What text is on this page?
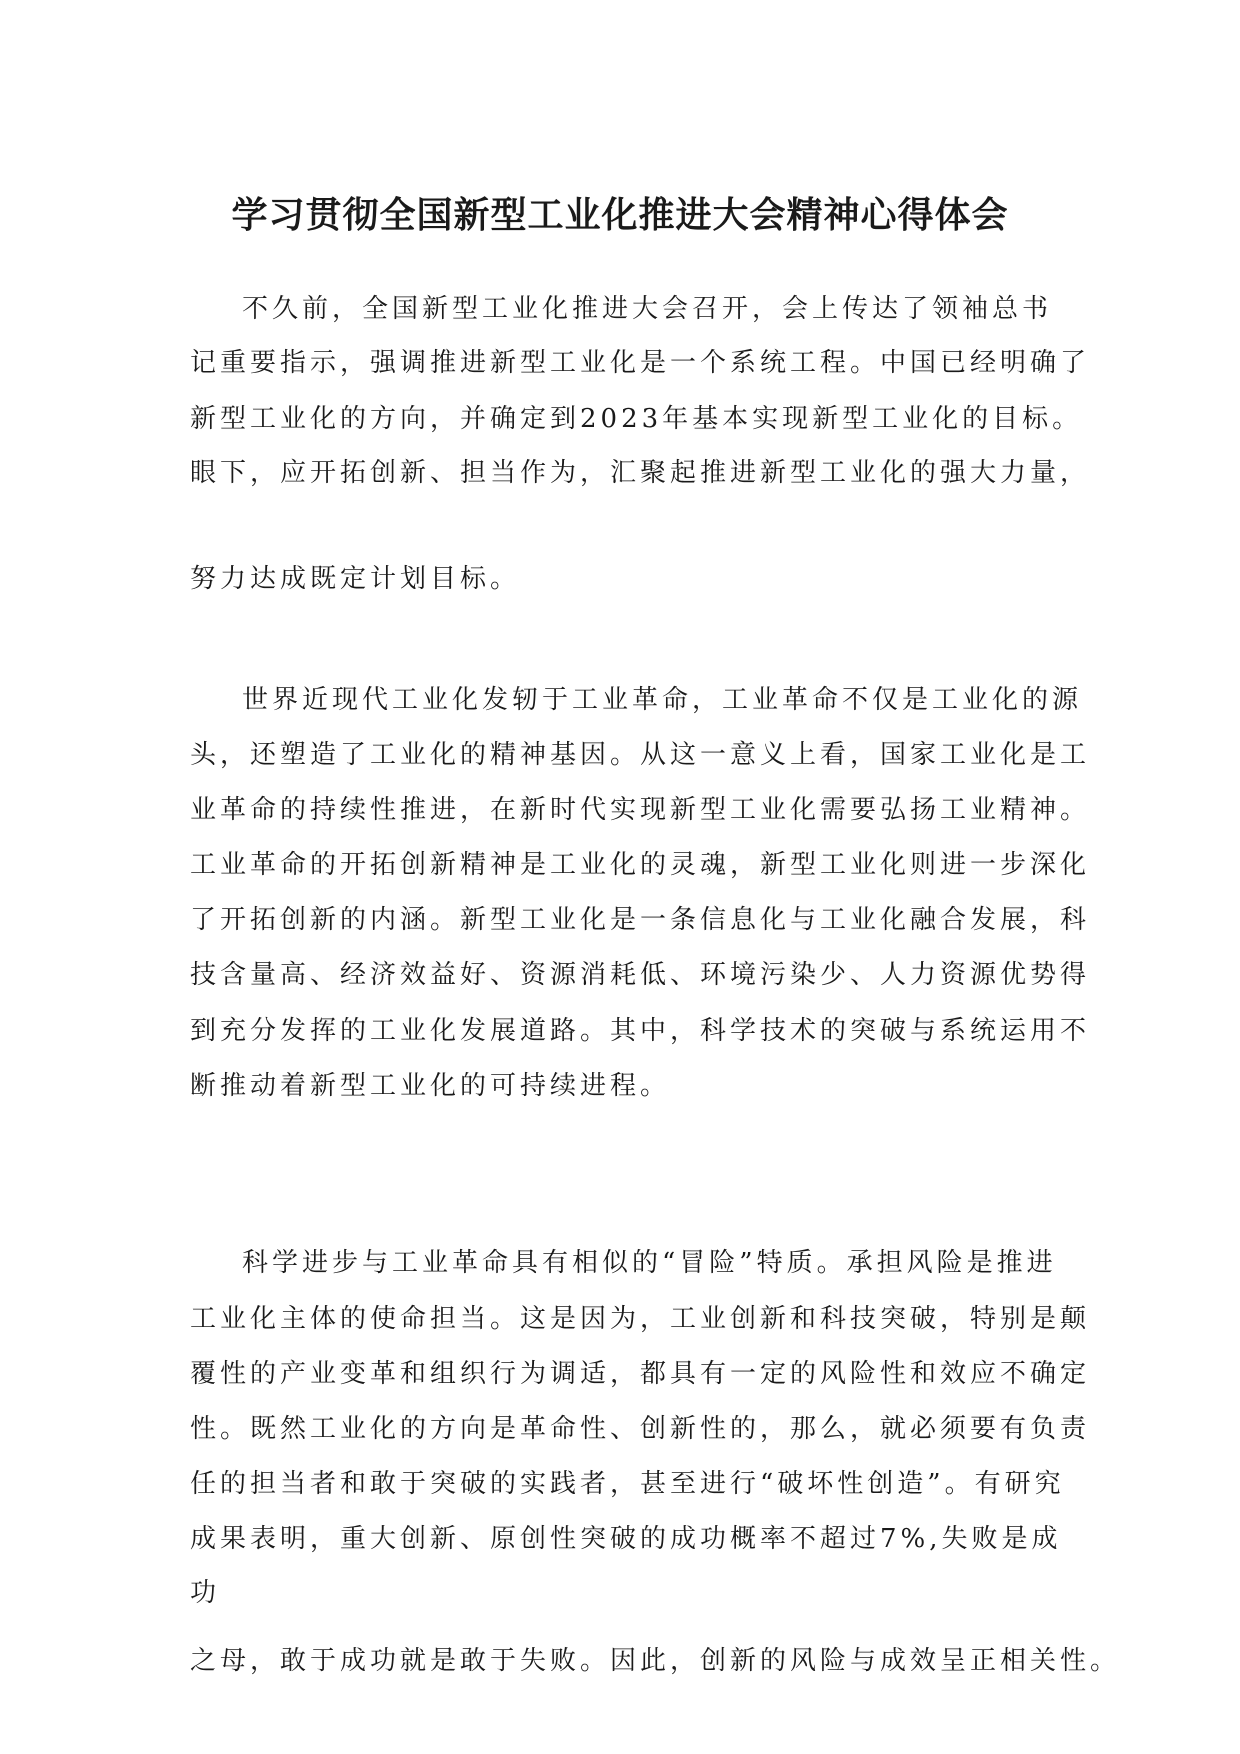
学习贯彻全国新型工业化推进大会精神心得体会

不久前，全国新型工业化推进大会召开，会上传达了领袖总书

记重要指示，强调推进新型工业化是一个系统工程。中国已经明确了

新型工业化的方向，并确定到2023年基本实现新型工业化的目标。

眼下，应开拓创新、担当作为，汇聚起推进新型工业化的强大力量，

努力达成既定计划目标。

世界近现代工业化发轫于工业革命，工业革命不仅是工业化的源

头，还塑造了工业化的精神基因。从这一意义上看，国家工业化是工

业革命的持续性推进，在新时代实现新型工业化需要弘扬工业精神。

工业革命的开拓创新精神是工业化的灵魂，新型工业化则进一步深化

了开拓创新的内涵。新型工业化是一条信息化与工业化融合发展，科

技含量高、经济效益好、资源消耗低、环境污染少、人力资源优势得

到充分发挥的工业化发展道路。其中，科学技术的突破与系统运用不

断推动着新型工业化的可持续进程。

科学进步与工业革命具有相似的“冒险”特质。承担风险是推进

工业化主体的使命担当。这是因为，工业创新和科技突破，特别是颠

覆性的产业变革和组织行为调适，都具有一定的风险性和效应不确定

性。既然工业化的方向是革命性、创新性的，那么，就必须要有负责

任的担当者和敢于突破的实践者，甚至进行“破坏性创造”。有研究

成果表明，重大创新、原创性突破的成功概率不超过7%,失败是成

功

之母，敢于成功就是敢于失败。因此，创新的风险与成效呈正相关性。
